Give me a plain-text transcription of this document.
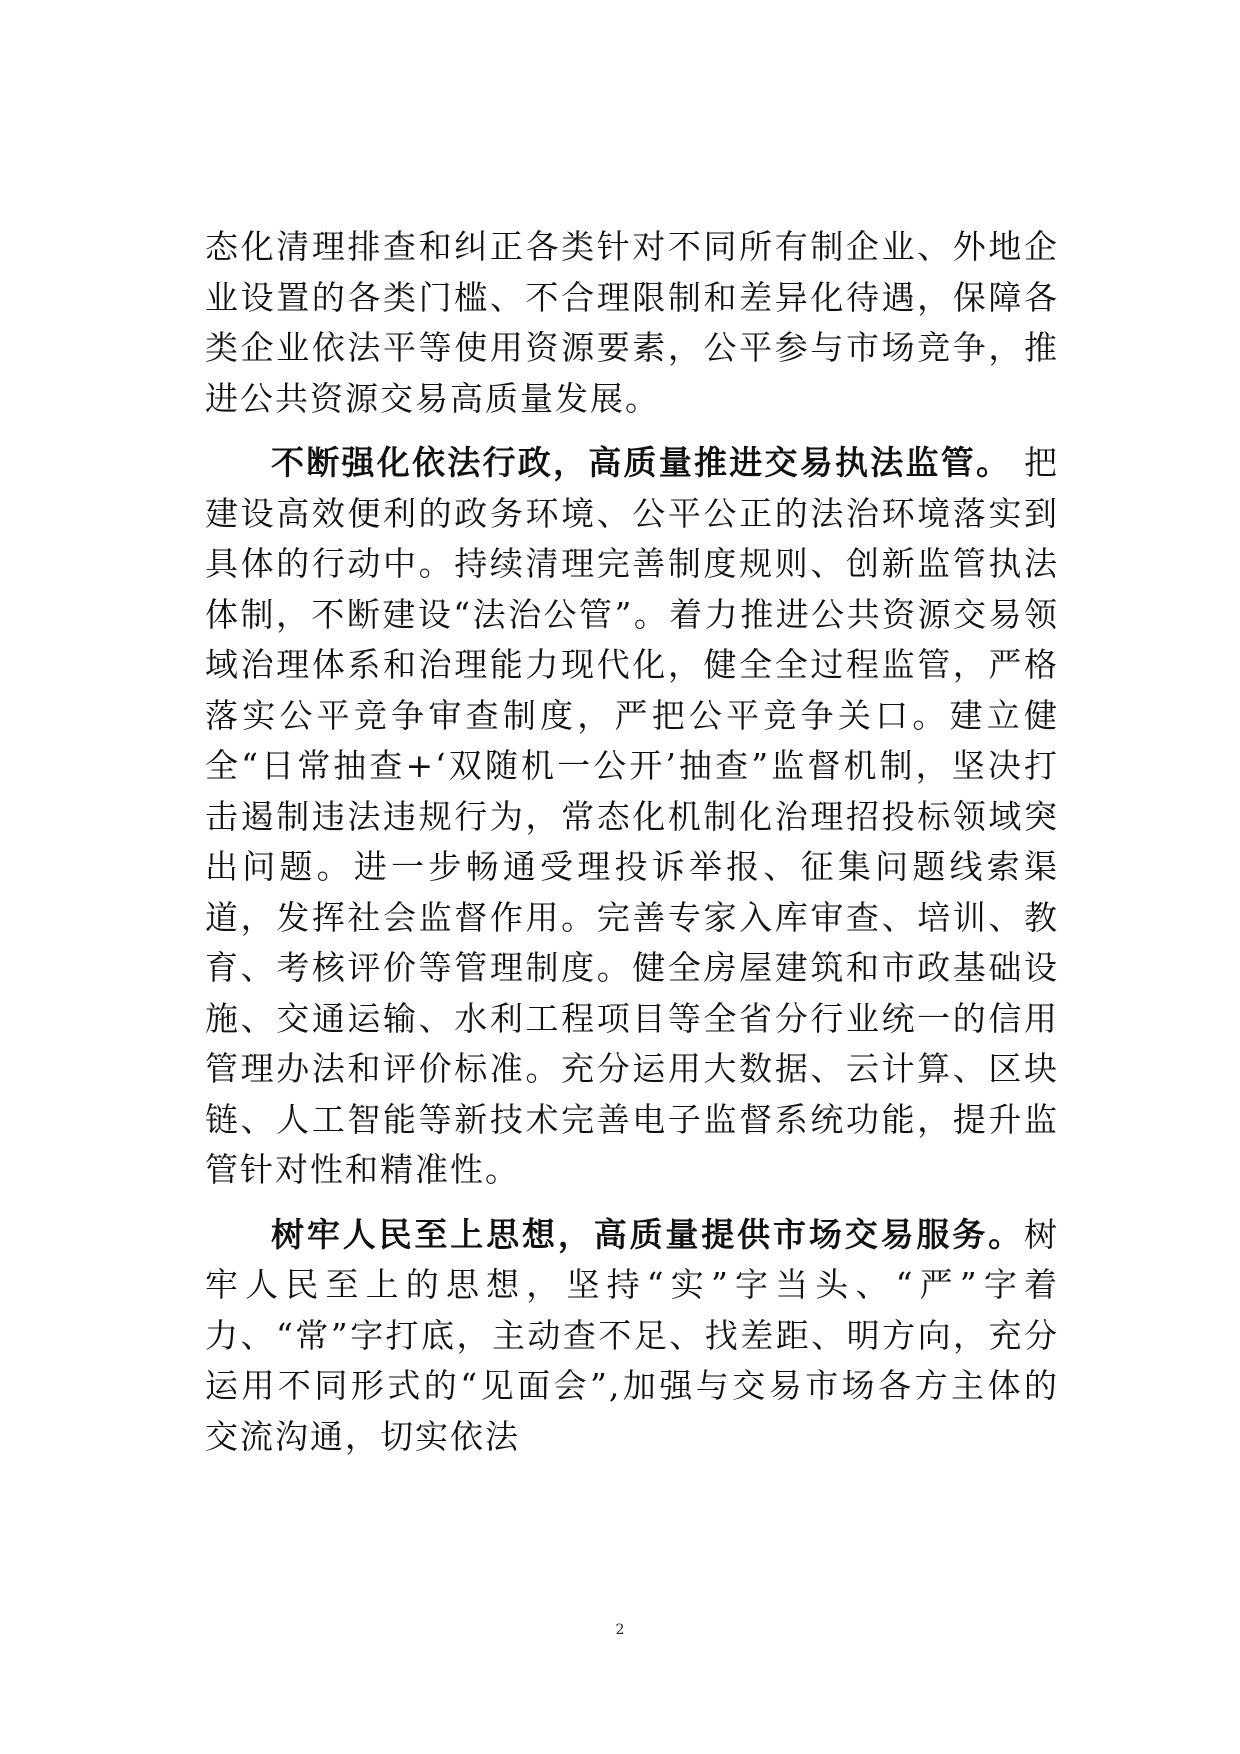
态化清理排查和纠正各类针对不同所有制企业、外地企业设置的各类门槛、不合理限制和差异化待遇，保障各类企业依法平等使用资源要素，公平参与市场竞争，推进公共资源交易高质量发展。

不断强化依法行政，高质量推进交易执法监管。 把建设高效便利的政务环境、公平公正的法治环境落实到具体的行动中。持续清理完善制度规则、创新监管执法体制，不断建设“法治公管”。着力推进公共资源交易领域治理体系和治理能力现代化，健全全过程监管，严格落实公平竞争审查制度，严把公平竞争关口。建立健全“日常抽查+‘双随机一公开’抽查”监督机制，坚决打击遏制违法违规行为，常态化机制化治理招投标领域突出问题。进一步畅通受理投诉举报、征集问题线索渠道，发挥社会监督作用。完善专家入库审查、培训、教育、考核评价等管理制度。健全房屋建筑和市政基础设施、交通运输、水利工程项目等全省分行业统一的信用管理办法和评价标准。充分运用大数据、云计算、区块链、人工智能等新技术完善电子监督系统功能，提升监管针对性和精准性。

树牢人民至上思想，高质量提供市场交易服务。树牢人民至上的思想，坚持“实”字当头、“严”字着力、“常”字打底，主动查不足、找差距、明方向，充分运用不同形式的“见面会”,加强与交易市场各方主体的交流沟通，切实依法

2
